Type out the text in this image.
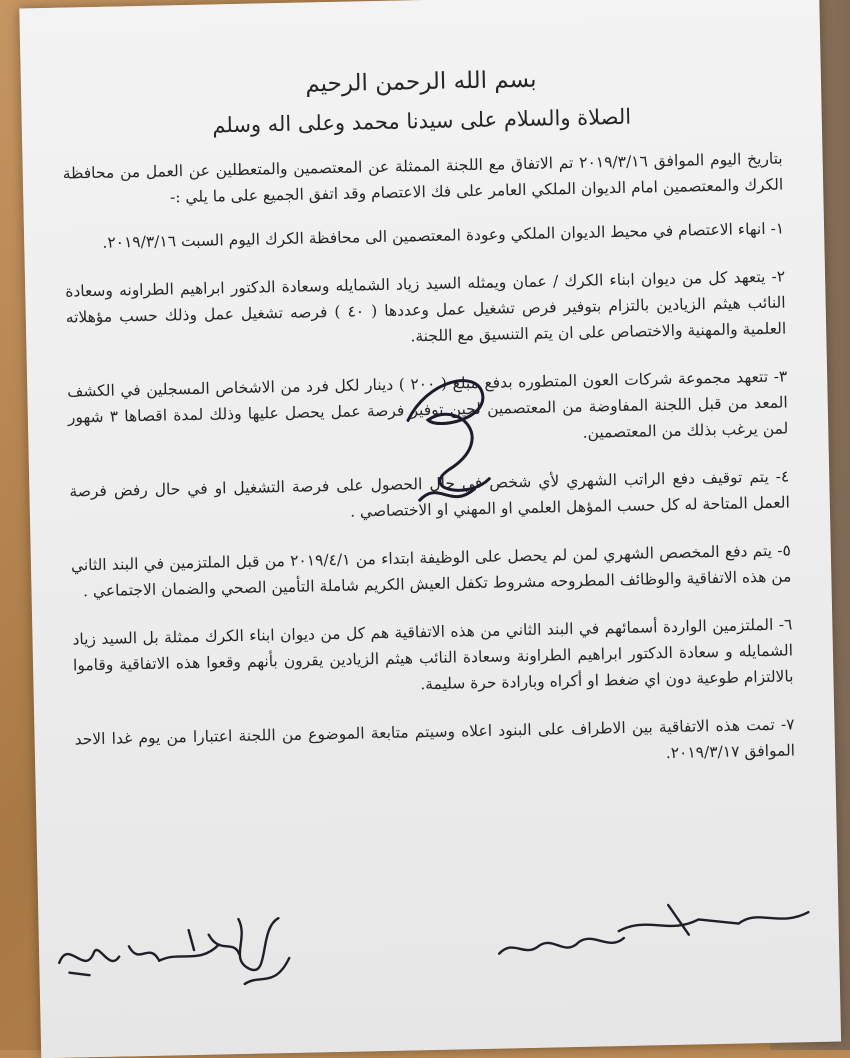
بسم الله الرحمن الرحيم
الصلاة والسلام على سيدنا محمد وعلى اله وسلم

بتاريخ اليوم الموافق ٢٠١٩/٣/١٦ تم الاتفاق مع اللجنة الممثلة عن المعتصمين والمتعطلين عن العمل من محافظة الكرك والمعتصمين امام الديوان الملكي العامر على فك الاعتصام وقد اتفق الجميع على ما يلي :-

١- انهاء الاعتصام في محيط الديوان الملكي وعودة المعتصمين الى محافظة الكرك اليوم السبت ٢٠١٩/٣/١٦.

٢- يتعهد كل من ديوان ابناء الكرك / عمان ويمثله السيد زياد الشمايله وسعادة الدكتور ابراهيم الطراونه وسعادة النائب هيثم الزيادين بالتزام بتوفير فرص تشغيل عمل وعددها ( ٤٠ ) فرصه تشغيل عمل وذلك حسب مؤهلاته العلمية والمهنية والاختصاص على ان يتم التنسيق مع اللجنة.

٣- تتعهد مجموعة شركات العون المتطوره بدفع مبلغ ( ٢٠٠ ) دينار لكل فرد من الاشخاص المسجلين في الكشف المعد من قبل اللجنة المفاوضة من المعتصمين لحين توفير فرصة عمل يحصل عليها وذلك لمدة اقصاها ٣ شهور لمن يرغب بذلك من المعتصمين.

٤- يتم توقيف دفع الراتب الشهري لأي شخص في حال الحصول على فرصة التشغيل او في حال رفض فرصة العمل المتاحة له كل حسب المؤهل العلمي او المهني او الاختصاصي .

٥- يتم دفع المخصص الشهري لمن لم يحصل على الوظيفة ابتداء من ٢٠١٩/٤/١ من قبل الملتزمين في البند الثاني من هذه الاتفاقية والوظائف المطروحه مشروط تكفل العيش الكريم شاملة التأمين الصحي والضمان الاجتماعي .

٦- الملتزمين الواردة أسمائهم في البند الثاني من هذه الاتفاقية هم كل من ديوان ابناء الكرك ممثلة بل السيد زياد الشمايله و سعادة الدكتور ابراهيم الطراونة وسعادة النائب هيثم الزيادين يقرون بأنهم وقعوا هذه الاتفاقية وقاموا بالالتزام طوعية دون اي ضغط او أكراه وبارادة حرة سليمة.

٧- تمت هذه الاتفاقية بين الاطراف على البنود اعلاه وسيتم متابعة الموضوع من اللجنة اعتبارا من يوم غدا الاحد الموافق ٢٠١٩/٣/١٧.
